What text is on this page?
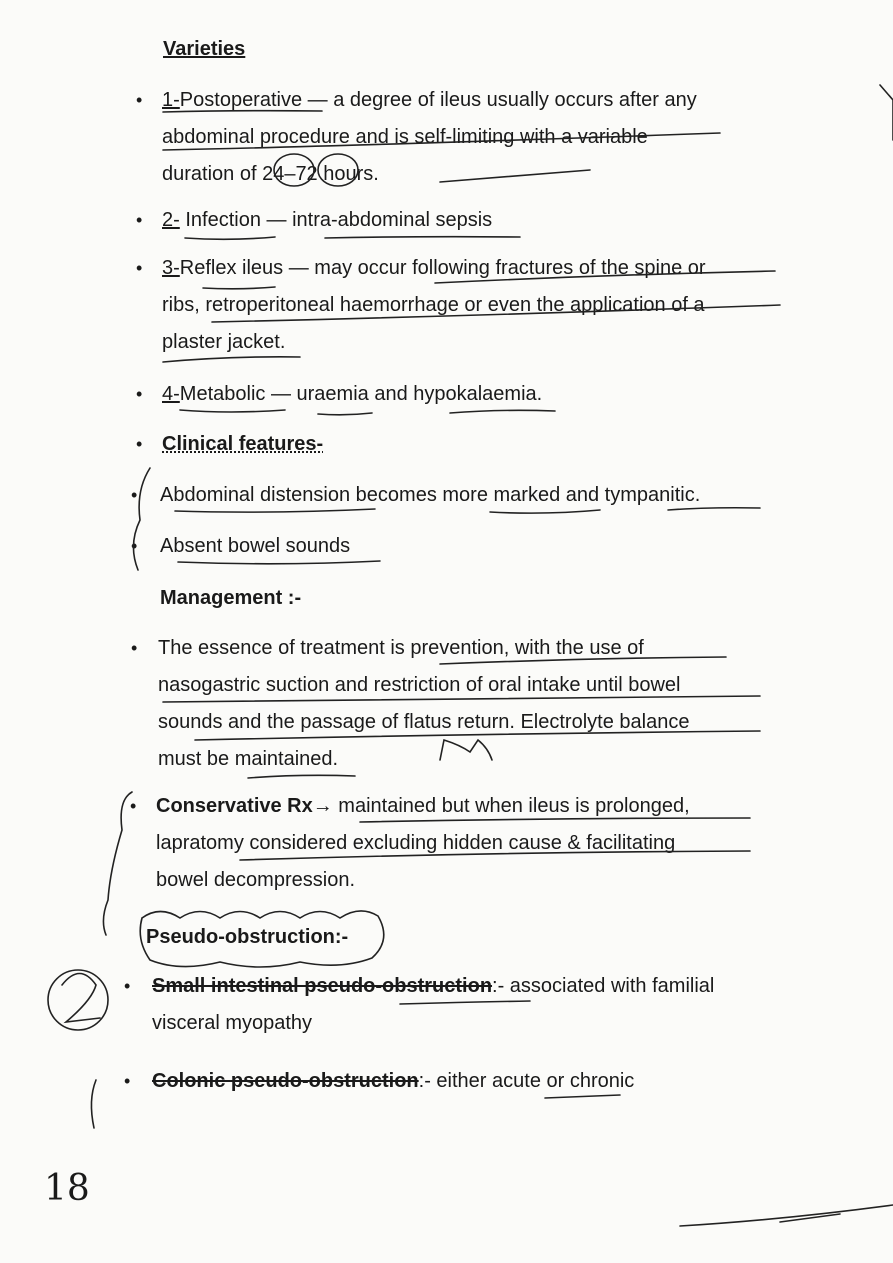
Varieties
• 1-Postoperative — a degree of ileus usually occurs after any
abdominal procedure and is self-limiting with a variable
duration of 24–72 hours.
• 2- Infection — intra-abdominal sepsis
• 3-Reflex ileus — may occur following fractures of the spine or
ribs, retroperitoneal haemorrhage or even the application of a
plaster jacket.
• 4-Metabolic — uraemia and hypokalaemia.
• Clinical features-
• Abdominal distension becomes more marked and tympanitic.
• Absent bowel sounds
Management :-
• The essence of treatment is prevention, with the use of
nasogastric suction and restriction of oral intake until bowel
sounds and the passage of flatus return. Electrolyte balance
must be maintained.
• Conservative Rx→ maintained but when ileus is prolonged,
lapratomy considered excluding hidden cause & facilitating
bowel decompression.
Pseudo-obstruction:-
• Small intestinal pseudo-obstruction:- associated with familial
visceral myopathy
• Colonic pseudo-obstruction:- either acute or chronic
18
